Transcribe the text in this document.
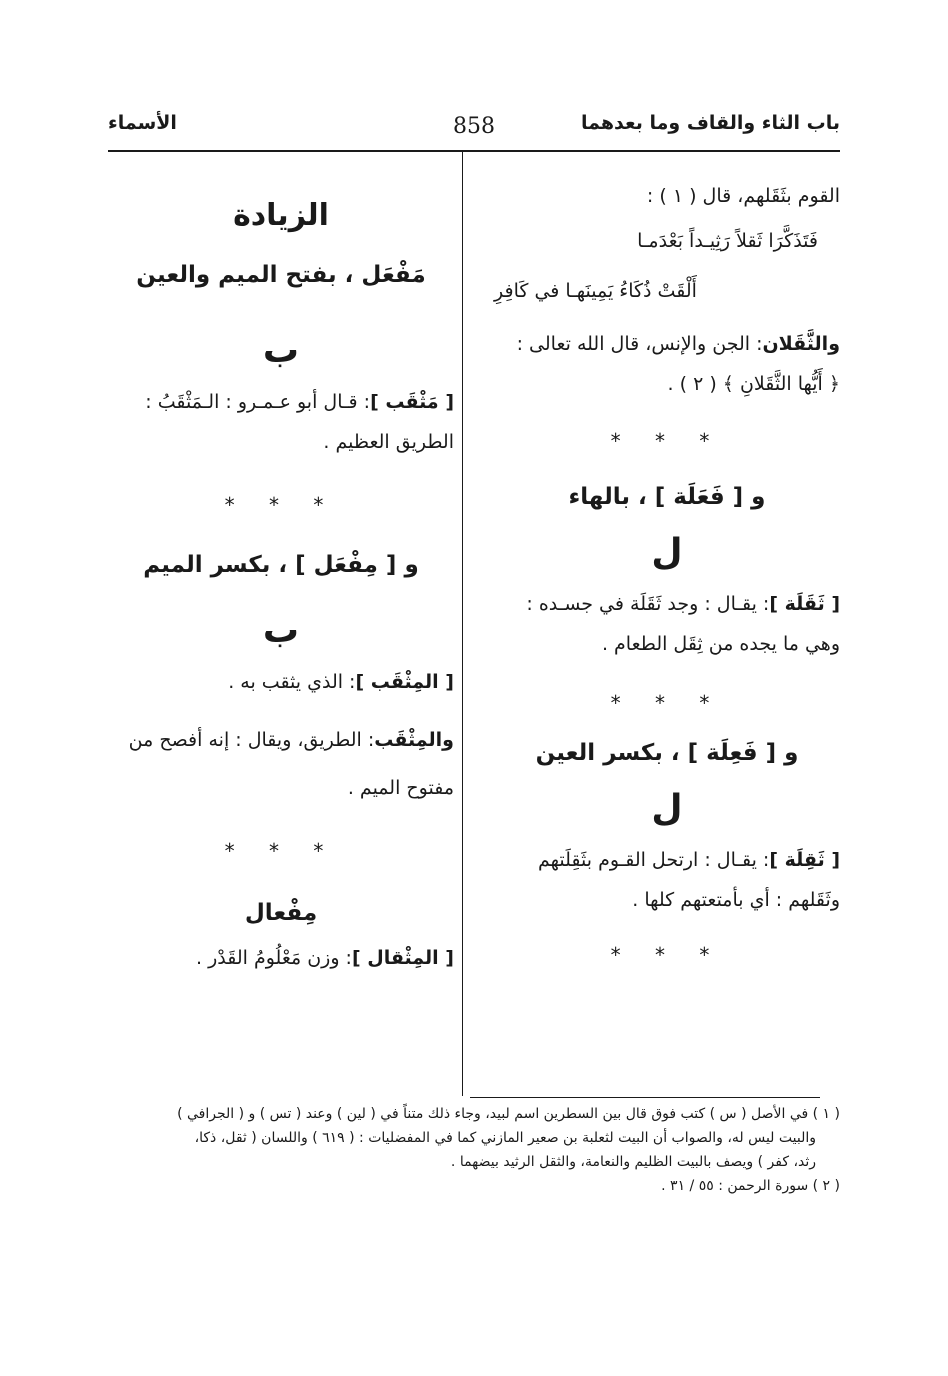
باب الثاء والقاف وما بعدهما
858
الأسماء

القوم بثَقَلهم، قال ( ١ ) :

فَتَذَكَّرَا ثَقلاً رَثِيـداً بَعْدَمـا

أَلْقَتْ ذُكَاءُ يَمِينَهـا في كَافِرِ

والثَّقَلان: الجن والإنس، قال الله تعالى :

﴿ أَيُّها الثَّقَلانِ ﴾ ( ٢ ) .

* * *

و [ فَعَلَة ] ، بالهاء

ل

[ ثَقَلَة ]: يقـال : وجد ثَقَلَة في جسـده :

وهي ما يجده من ثِقَل الطعام .

* * *

و [ فَعِلَة ] ، بكسر العين

ل

[ ثَقِلَة ]: يقـال : ارتحل القـوم بثَقِلَتهم

وثَقَلهم : أي بأمتعتهم كلها .

* * *

الزيادة

مَفْعَل ، بفتح الميم والعين

ب

[ مَثْقَب ]: قـال أبو عـمـرو : الـمَثْقَبُ :

الطريق العظيم .

* * *

و [ مِفْعَل ] ، بكسر الميم

ب

[ المِثْقَب ]: الذي يثقب به .

والمِثْقَب: الطريق، ويقال : إنه أفصح من

مفتوح الميم .

* * *

مِفْعال

[ المِثْقال ]: وزن مَعْلُومُ القَدْر .

( ١ ) في الأصل ( س ) كتب فوق قال بين السطرين اسم لبيد، وجاء ذلك متناً في ( لين ) وعند ( تس ) و ( الجرافي )

والبيت ليس له، والصواب أن البيت لثعلبة بن صعير المازني كما في المفضليات : ( ٦١٩ ) واللسان ( ثقل، ذكا،

رثد، كفر ) ويصف بالبيت الظليم والنعامة، والثقل الرثيد بيضهما .

( ٢ ) سورة الرحمن : ٥٥ / ٣١ .
